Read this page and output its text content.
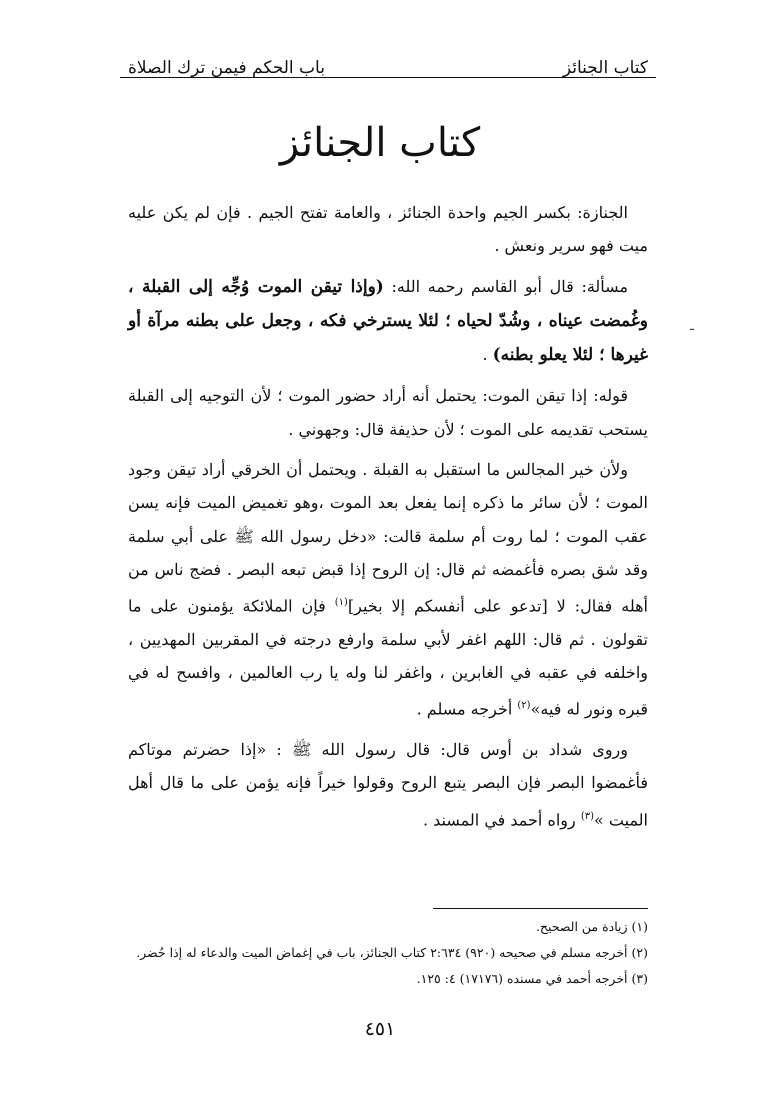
كتاب الجنائز
باب الحكم فيمن ترك الصلاة
كتاب الجنائز

الجنازة: بكسر الجيم واحدة الجنائز ، والعامة تفتح الجيم . فإن لم يكن عليه ميت فهو سرير ونعش .

مسألة: قال أبو القاسم رحمه الله: (وإذا تيقن الموت وُجِّه إلى القبلة ، وغُمضت عيناه ، وشُدّ لحياه ؛ لئلا يسترخي فكه ، وجعل على بطنه مرآة أو غيرها ؛ لئلا يعلو بطنه) .

قوله: إذا تيقن الموت: يحتمل أنه أراد حضور الموت ؛ لأن التوجيه إلى القبلة يستحب تقديمه على الموت ؛ لأن حذيفة قال: وجهوني .

ولأن خير المجالس ما استقبل به القبلة . ويحتمل أن الخرقي أراد تيقن وجود الموت ؛ لأن سائر ما ذكره إنما يفعل بعد الموت ،وهو تغميض الميت فإنه يسن عقب الموت ؛ لما روت أم سلمة قالت: «دخل رسول الله ﷺ على أبي سلمة وقد شق بصره فأغمضه ثم قال: إن الروح إذا قبض تبعه البصر . فضج ناس من أهله فقال: لا [تدعو على أنفسكم إلا بخير]$^{(١)}$ فإن الملائكة يؤمنون على ما تقولون . ثم قال: اللهم اغفر لأبي سلمة وارفع درجته في المقربين المهديين ، واخلفه في عقبه في الغابرين ، واغفر لنا وله يا رب العالمين ، وافسح له في قبره ونور له فيه»$^{(٢)}$ أخرجه مسلم .

وروى شداد بن أوس قال: قال رسول الله ﷺ : «إذا حضرتم موتاكم فأغمضوا البصر فإن البصر يتبع الروح وقولوا خيراً فإنه يؤمن على ما قال أهل الميت »$^{(٣)}$ رواه أحمد في المسند .

ـ

(١) زيادة من الصحيح.

(٢) أخرجه مسلم في صحيحه (٩٢٠) ٢:٦٣٤ كتاب الجنائز، باب في إغماض الميت والدعاء له إذا حُضر.

(٣) أخرجه أحمد في مسنده (١٧١٧٦) ٤: ١٢٥.

٤٥١
